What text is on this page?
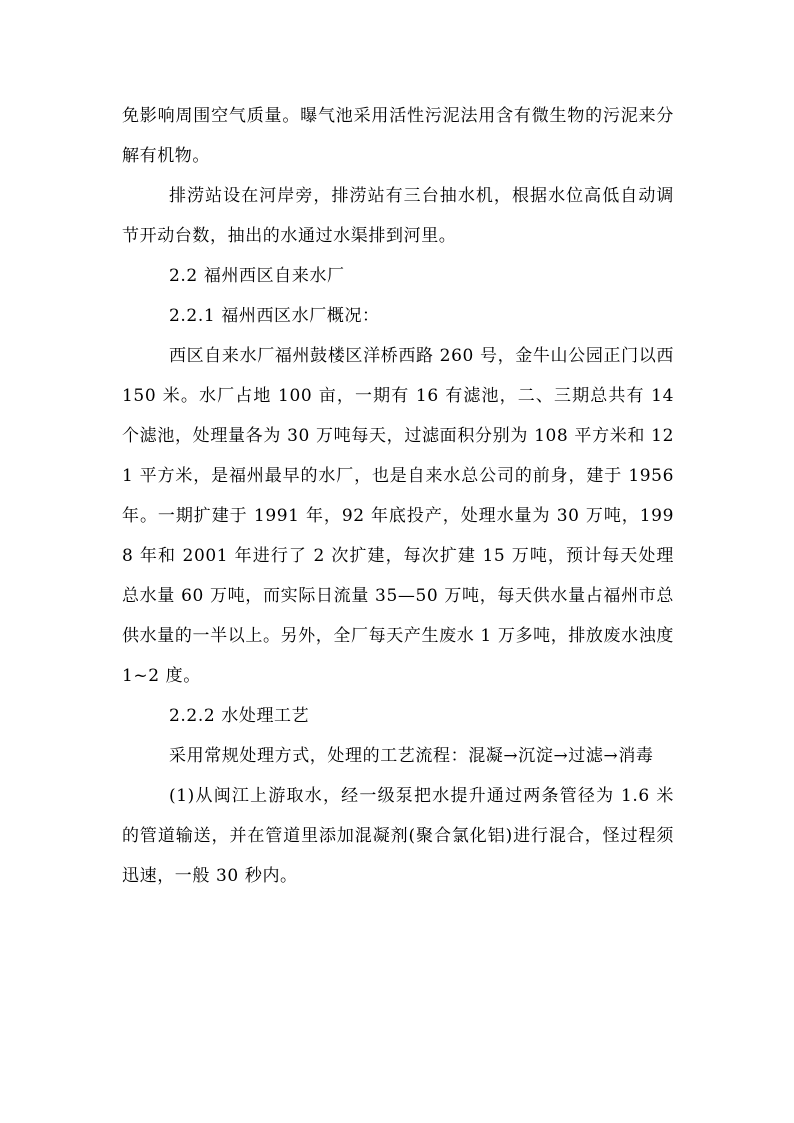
免影响周围空气质量。曝气池采用活性污泥法用含有微生物的污泥来分解有机物。

排涝站设在河岸旁，排涝站有三台抽水机，根据水位高低自动调节开动台数，抽出的水通过水渠排到河里。

2.2 福州西区自来水厂

2.2.1 福州西区水厂概况：

西区自来水厂福州鼓楼区洋桥西路 260 号，金牛山公园正门以西 150 米。水厂占地 100 亩，一期有 16 有滤池，二、三期总共有 14 个滤池，处理量各为 30 万吨每天，过滤面积分别为 108 平方米和 121 平方米，是福州最早的水厂，也是自来水总公司的前身，建于 1956 年。一期扩建于 1991 年，92 年底投产，处理水量为 30 万吨，1998 年和 2001 年进行了 2 次扩建，每次扩建 15 万吨，预计每天处理总水量 60 万吨，而实际日流量 35—50 万吨，每天供水量占福州市总供水量的一半以上。另外，全厂每天产生废水 1 万多吨，排放废水浊度 1~2 度。

2.2.2 水处理工艺

采用常规处理方式，处理的工艺流程：混凝→沉淀→过滤→消毒

(1)从闽江上游取水，经一级泵把水提升通过两条管径为 1.6 米的管道输送，并在管道里添加混凝剂(聚合氯化铝)进行混合，怪过程须迅速，一般 30 秒内。
